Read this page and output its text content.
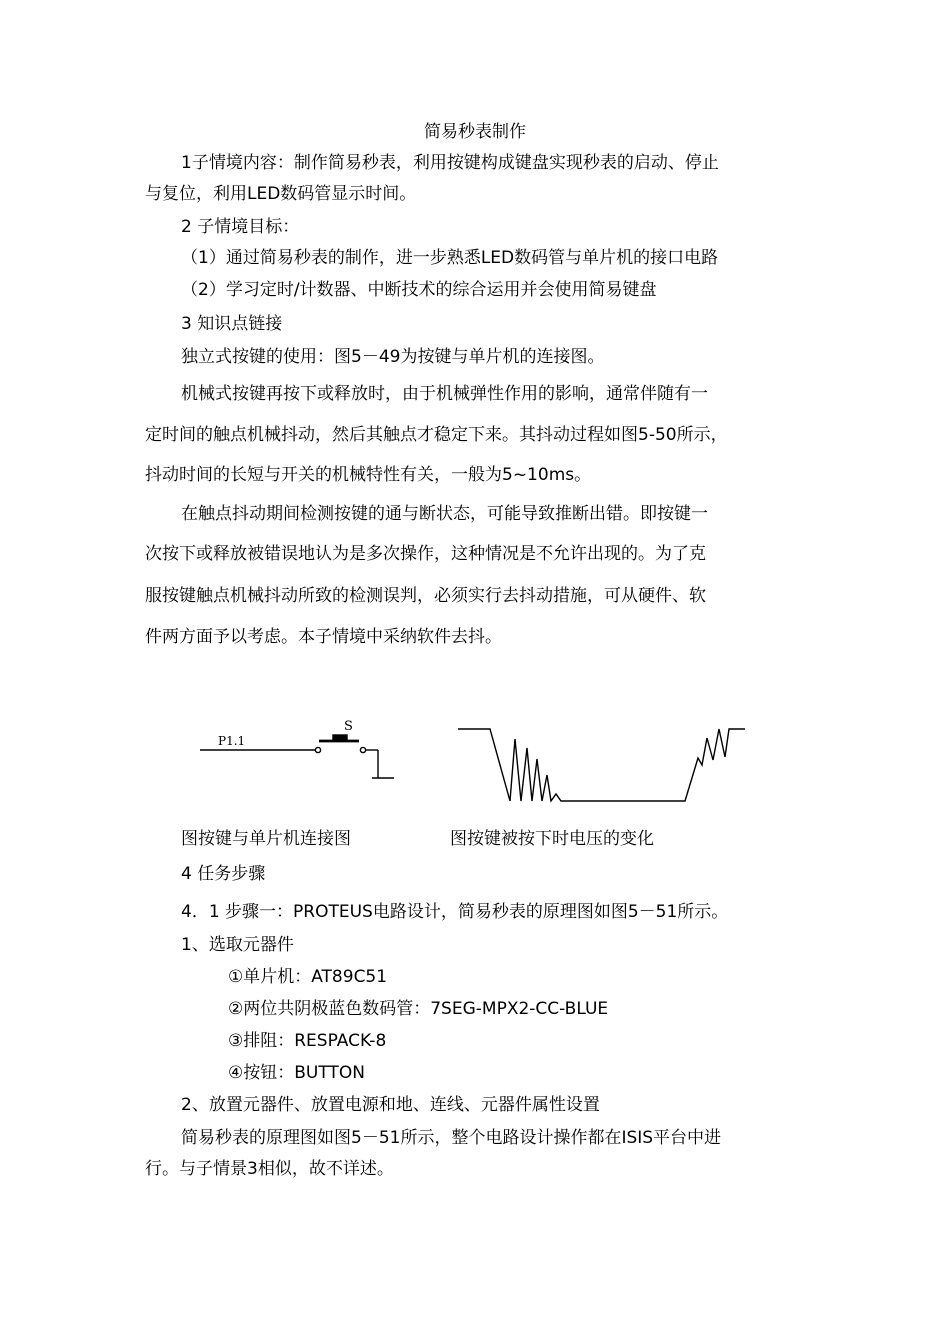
简易秒表制作
1子情境内容：制作简易秒表，利用按键构成键盘实现秒表的启动、停止
与复位，利用LED数码管显示时间。
2 子情境目标：
（1）通过简易秒表的制作，进一步熟悉LED数码管与单片机的接口电路
（2）学习定时/计数器、中断技术的综合运用并会使用简易键盘
3 知识点链接
独立式按键的使用：图5－49为按键与单片机的连接图。
机械式按键再按下或释放时，由于机械弹性作用的影响，通常伴随有一
定时间的触点机械抖动，然后其触点才稳定下来。其抖动过程如图5-50所示，
抖动时间的长短与开关的机械特性有关，一般为5~10ms。
在触点抖动期间检测按键的通与断状态，可能导致推断出错。即按键一
次按下或释放被错误地认为是多次操作，这种情况是不允许出现的。为了克
服按键触点机械抖动所致的检测误判，必须实行去抖动措施，可从硬件、软
件两方面予以考虑。本子情境中采纳软件去抖。
P1.1
S
图按键与单片机连接图	图按键被按下时电压的变化
4 任务步骤
4．1 步骤一：PROTEUS电路设计，简易秒表的原理图如图5－51所示。
1、选取元器件
①单片机：AT89C51
②两位共阴极蓝色数码管：7SEG-MPX2-CC-BLUE
③排阻：RESPACK-8
④按钮：BUTTON
2、放置元器件、放置电源和地、连线、元器件属性设置
简易秒表的原理图如图5－51所示，整个电路设计操作都在ISIS平台中进
行。与子情景3相似，故不详述。
